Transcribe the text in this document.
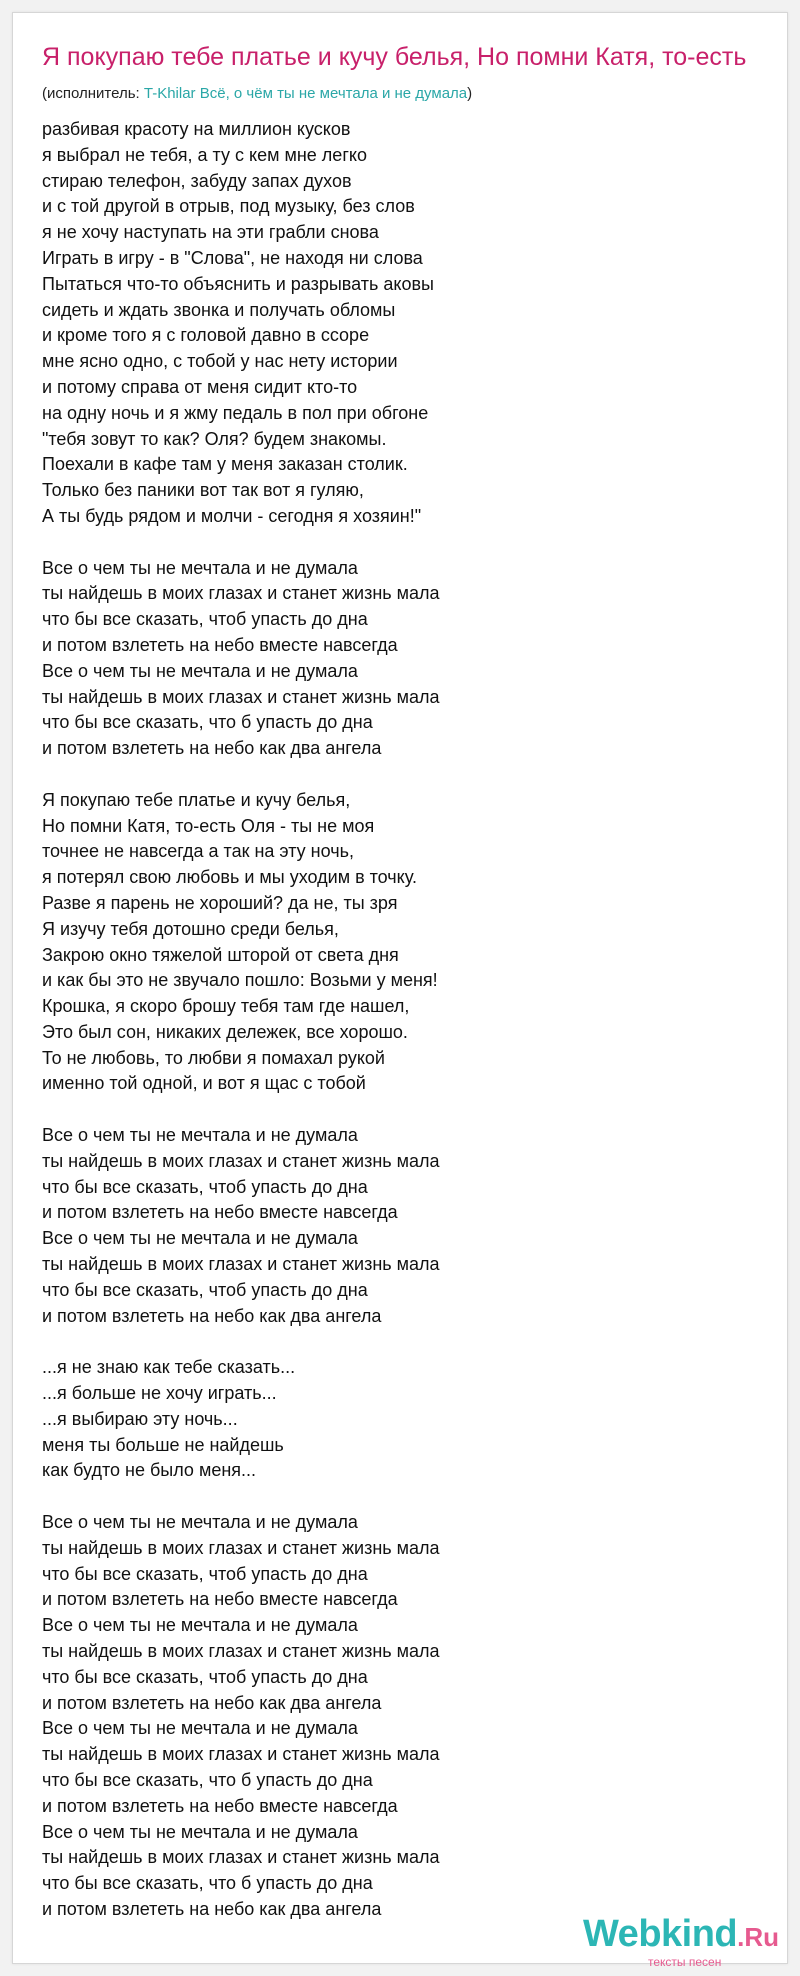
Я покупаю тебе платье и кучу белья, Но помни Катя, то-есть
(исполнитель: T-Khilar Всё, о чём ты не мечтала и не думала)
разбивая красоту на миллион кусков
я выбрал не тебя, а ту с кем мне легко
стираю телефон, забуду запах духов
и с той другой в отрыв, под музыку, без слов
я не хочу наступать на эти грабли снова
Играть в игру - в "Слова", не находя ни слова
Пытаться что-то объяснить и разрывать аковы
сидеть и ждать звонка и получать обломы
и кроме того я с головой давно в ссоре
мне ясно одно, с тобой у нас нету истории
и потому справа от меня сидит кто-то
на одну ночь и я жму педаль в пол при обгоне
"тебя зовут то как? Оля? будем знакомы.
Поехали в кафе там у меня заказан столик.
Только без паники вот так вот я гуляю,
А ты будь рядом и молчи - сегодня я хозяин!"

Все о чем ты не мечтала и не думала
ты найдешь в моих глазах и станет жизнь мала
что бы все сказать, чтоб упасть до дна
и потом взлететь на небо вместе навсегда
Все о чем ты не мечтала и не думала
ты найдешь в моих глазах и станет жизнь мала
что бы все сказать, что б упасть до дна
и потом взлететь на небо как два ангела

Я покупаю тебе платье и кучу белья,
Но помни Катя, то-есть Оля - ты не моя
точнее не навсегда а так на эту ночь,
я потерял свою любовь и мы уходим в точку.
Разве я парень не хороший? да не, ты зря
Я изучу тебя дотошно среди белья,
Закрою окно тяжелой шторой от света дня
и как бы это не звучало пошло: Возьми у меня!
Крошка, я скоро брошу тебя там где нашел,
Это был сон, никаких дележек, все хорошо.
То не любовь, то любви я помахал рукой
именно той одной, и вот я щас с тобой

Все о чем ты не мечтала и не думала
ты найдешь в моих глазах и станет жизнь мала
что бы все сказать, чтоб упасть до дна
и потом взлететь на небо вместе навсегда
Все о чем ты не мечтала и не думала
ты найдешь в моих глазах и станет жизнь мала
что бы все сказать, чтоб упасть до дна
и потом взлететь на небо как два ангела

...я не знаю как тебе сказать...
...я больше не хочу играть...
...я выбираю эту ночь...
меня ты больше не найдешь
как будто не было меня...

Все о чем ты не мечтала и не думала
ты найдешь в моих глазах и станет жизнь мала
что бы все сказать, чтоб упасть до дна
и потом взлететь на небо вместе навсегда
Все о чем ты не мечтала и не думала
ты найдешь в моих глазах и станет жизнь мала
что бы все сказать, чтоб упасть до дна
и потом взлететь на небо как два ангела
Все о чем ты не мечтала и не думала
ты найдешь в моих глазах и станет жизнь мала
что бы все сказать, что б упасть до дна
и потом взлететь на небо вместе навсегда
Все о чем ты не мечтала и не думала
ты найдешь в моих глазах и станет жизнь мала
что бы все сказать, что б упасть до дна
и потом взлететь на небо как два ангела
Webkind.Ru
тексты песен
